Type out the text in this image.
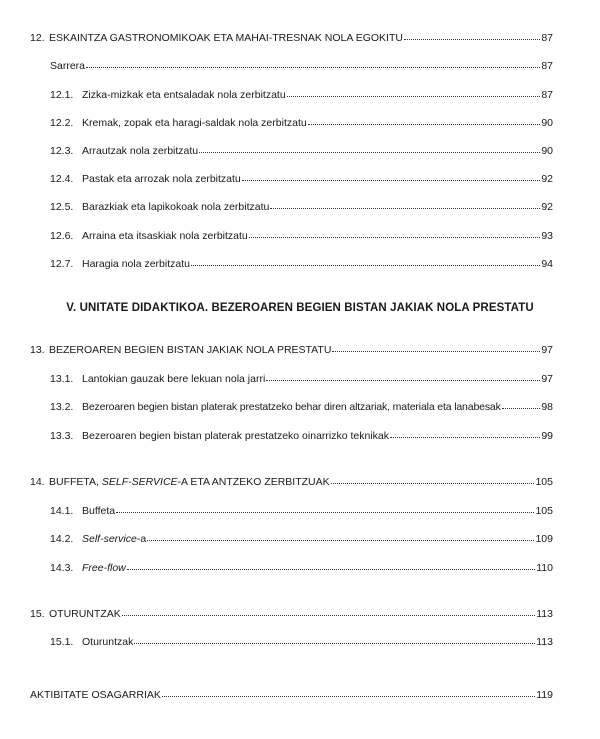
12. ESKAINTZA GASTRONOMIKOAK ETA MAHAI-TRESNAK NOLA EGOKITU	87
Sarrera	87
12.1. Zizka-mizkak eta entsaladak nola zerbitzatu	87
12.2. Kremak, zopak eta haragi-saldak nola zerbitzatu	90
12.3. Arrautzak nola zerbitzatu	90
12.4. Pastak eta arrozak nola zerbitzatu	92
12.5. Barazkiak eta lapikokoak nola zerbitzatu	92
12.6. Arraina eta itsaskiak nola zerbitzatu	93
12.7. Haragia nola zerbitzatu	94
V. UNITATE DIDAKTIKOA. BEZEROAREN BEGIEN BISTAN JAKIAK NOLA PRESTATU
13. BEZEROAREN BEGIEN BISTAN JAKIAK NOLA PRESTATU	97
13.1. Lantokian gauzak bere lekuan nola jarri	97
13.2. Bezeroaren begien bistan platerak prestatzeko behar diren altzariak, materiala eta lanabesak	98
13.3. Bezeroaren begien bistan platerak prestatzeko oinarrizko teknikak	99
14. BUFFETA, SELF-SERVICE-A ETA ANTZEKO ZERBITZUAK	105
14.1. Buffeta	105
14.2. Self-service-a	109
14.3. Free-flow	110
15. OTURUNTZAK	113
15.1. Oturuntzak	113
AKTIBITATE OSAGARRIAK	119
